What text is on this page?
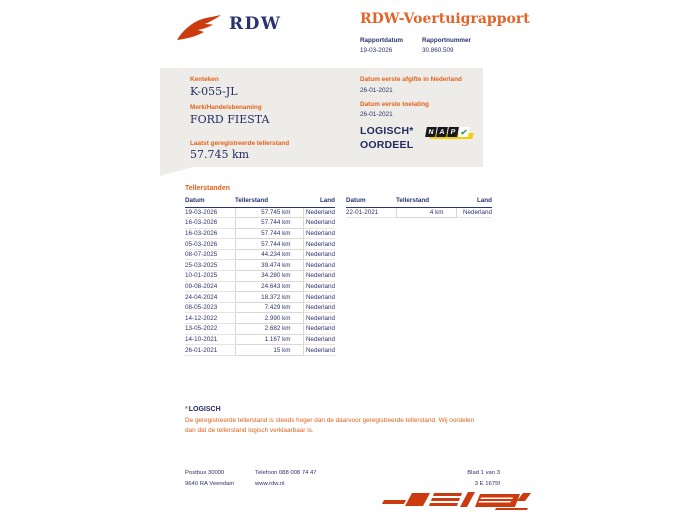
RDW	RDW-Voertuigrapport
Rapportdatum
19-03-2026
Rapportnummer
30.860.509
Kenteken
K-055-JL
Merk/Handelsbenaming
FORD FIESTA
Laatst geregistreerde tellerstand
57.745 km
Datum eerste afgifte in Nederland
26-01-2021
Datum eerste toelating
26-01-2021
LOGISCH*
OORDEEL
N A P ✔
Tellerstanden
Datum	Tellerstand	Land
19-03-2026	57.745 km	Nederland
16-03-2026	57.744 km	Nederland
16-03-2026	57.744 km	Nederland
05-03-2026	57.744 km	Nederland
08-07-2025	44.234 km	Nederland
25-03-2025	39.474 km	Nederland
10-01-2025	34.280 km	Nederland
09-08-2024	24.643 km	Nederland
24-04-2024	18.372 km	Nederland
08-05-2023	7.429 km	Nederland
14-12-2022	2.990 km	Nederland
13-05-2022	2.682 km	Nederland
14-10-2021	1.167 km	Nederland
26-01-2021	15 km	Nederland
Datum	Tellerstand	Land
22-01-2021	4 km	Nederland
*LOGISCH
De geregistreerde tellerstand is steeds hoger dan de daarvoor geregistreerde tellerstand. Wij oordelen dan dat de tellerstand logisch verklaarbaar is.
Postbus 30000
9640 RA Veendam
Telefoon 088 008 74 47
www.rdw.nl
Blad 1 van 3
3 E 1675f
